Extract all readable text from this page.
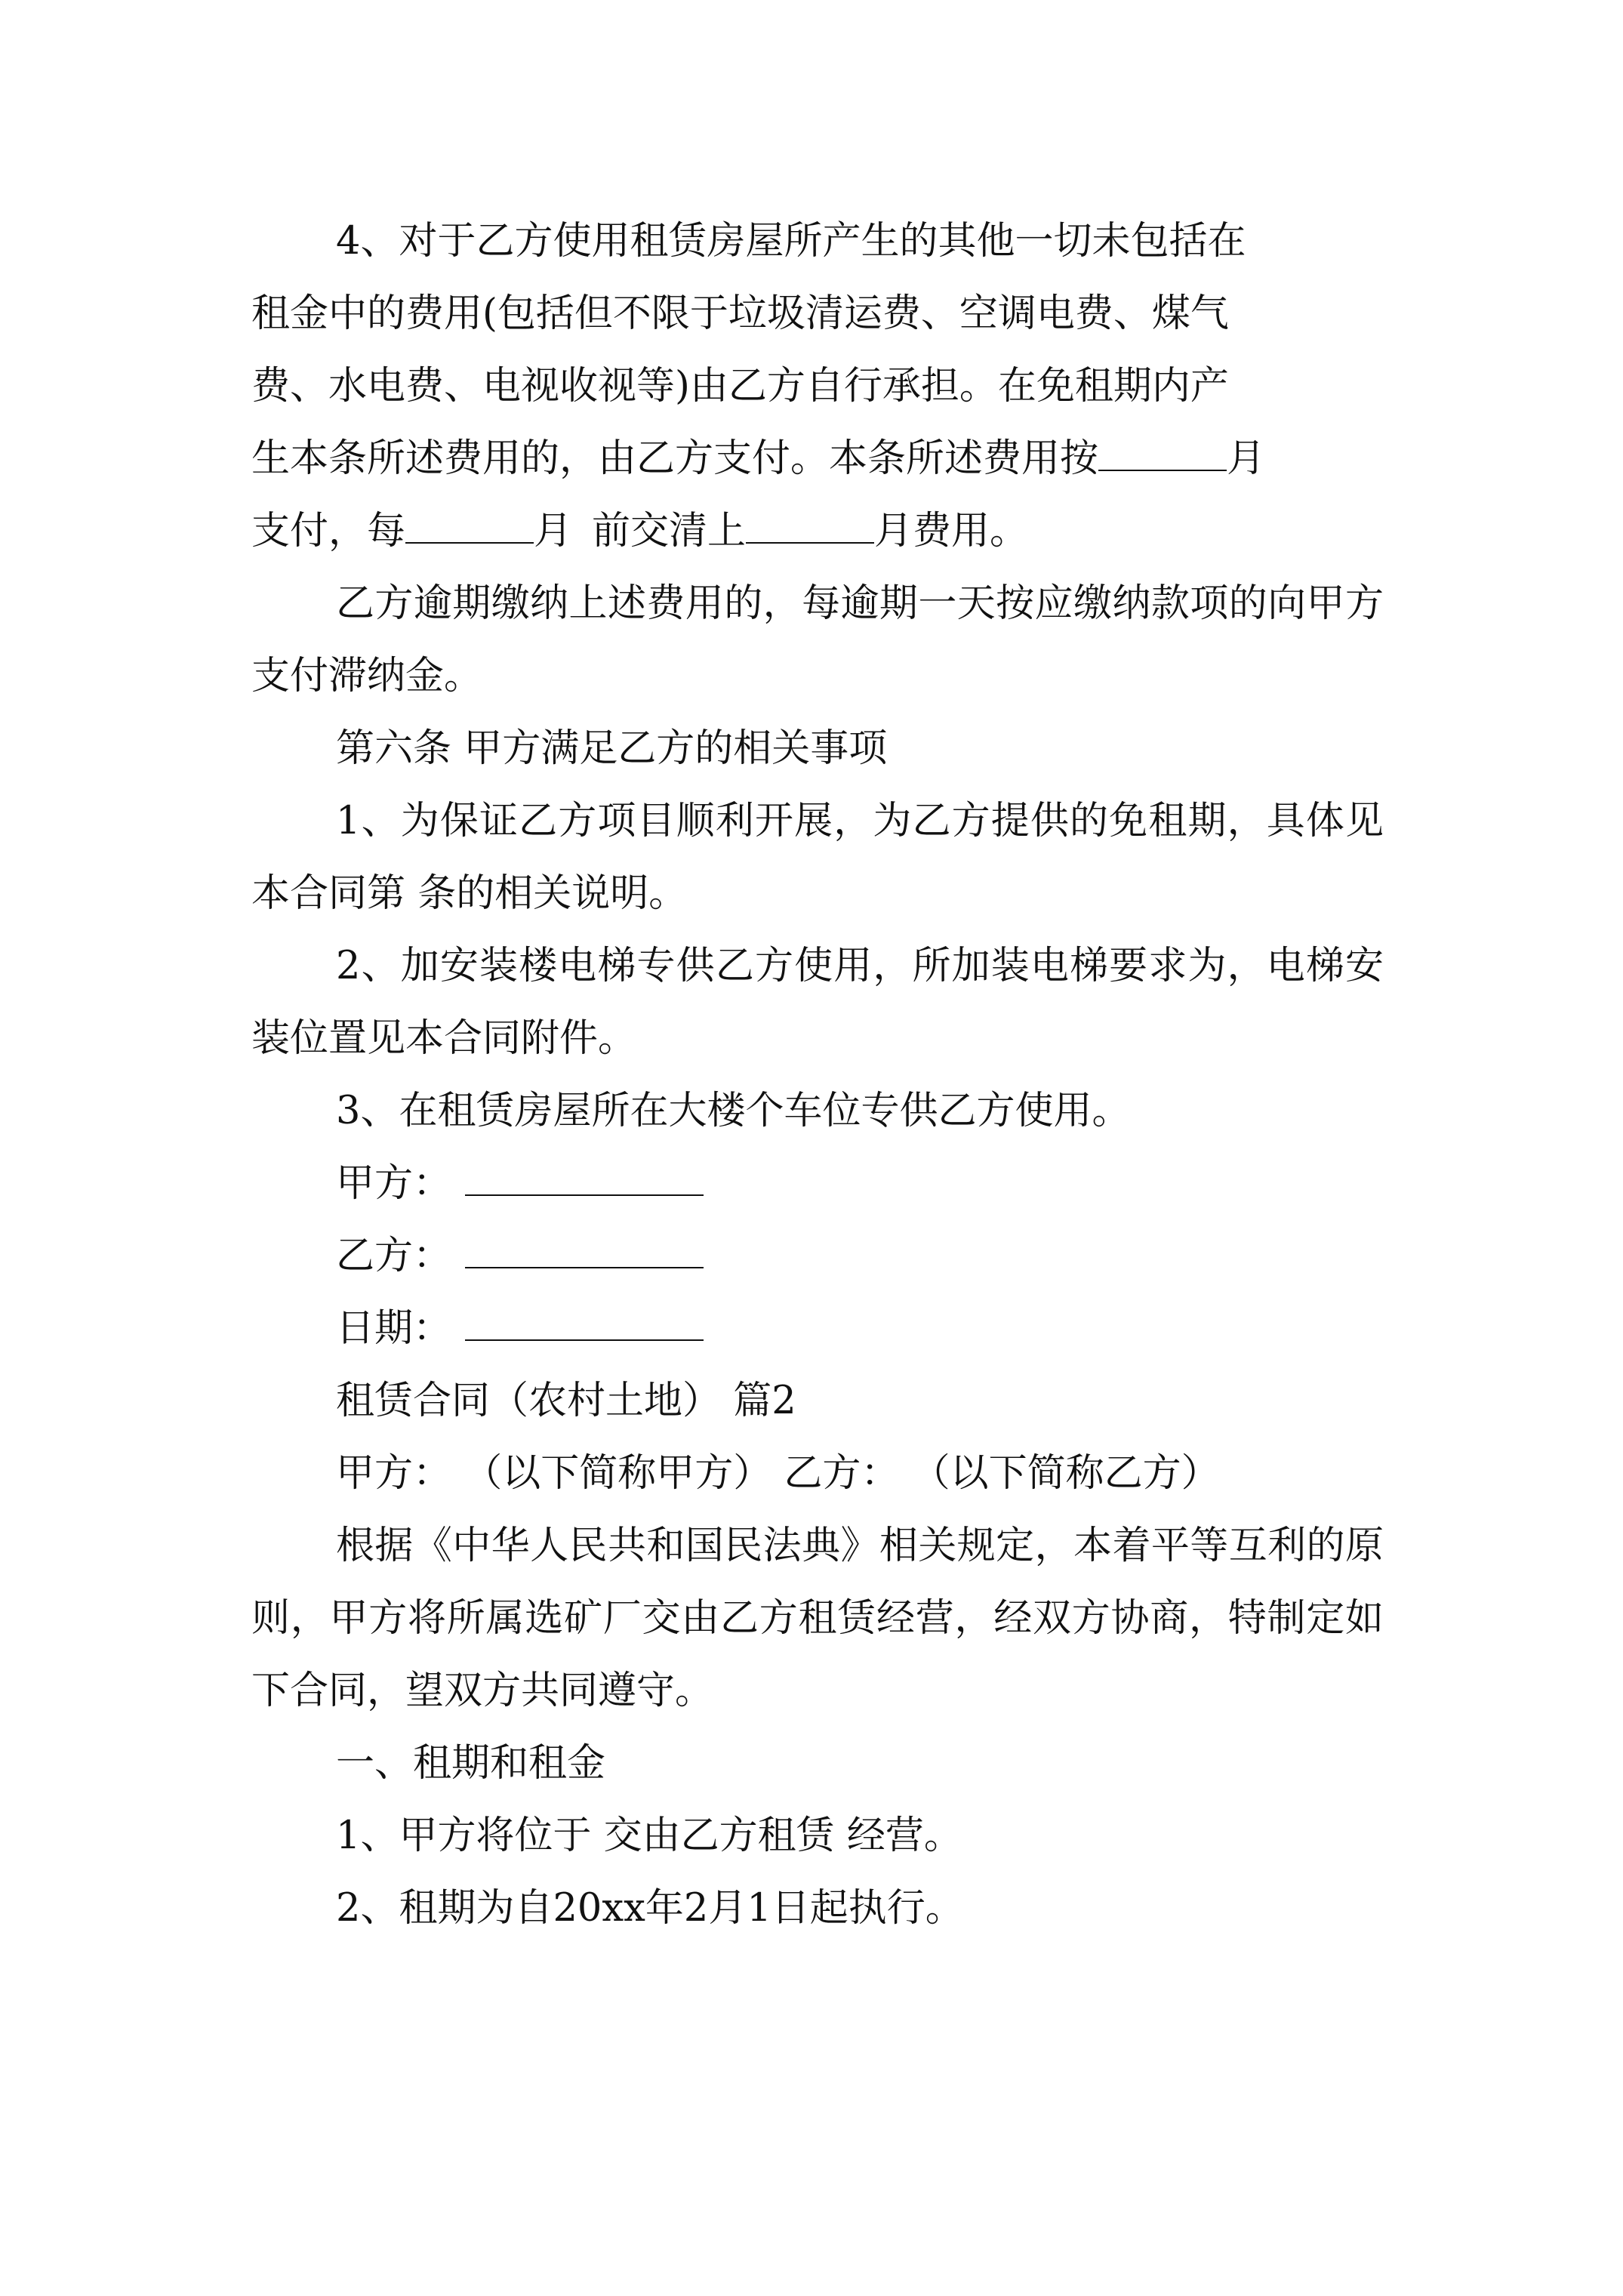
4、对于乙方使用租赁房屋所产生的其他一切未包括在
租金中的费用(包括但不限于垃圾清运费、空调电费、煤气
费、水电费、电视收视等)由乙方自行承担。在免租期内产
生本条所述费用的，由乙方支付。本条所述费用按	月
支付，每	月 前交清上	月费用。

乙方逾期缴纳上述费用的，每逾期一天按应缴纳款项的向甲方支付滞纳金。

第六条 甲方满足乙方的相关事项

1、为保证乙方项目顺利开展，为乙方提供的免租期，具体见本合同第 条的相关说明。

2、加安装楼电梯专供乙方使用，所加装电梯要求为，电梯安装位置见本合同附件。

3、在租赁房屋所在大楼个车位专供乙方使用。

甲方：
乙方：
日期：

租赁合同（农村土地） 篇2

甲方： （以下简称甲方） 乙方： （以下简称乙方）

根据《中华人民共和国民法典》相关规定，本着平等互利的原则，甲方将所属选矿厂交由乙方租赁经营，经双方协商，特制定如下合同，望双方共同遵守。

一、租期和租金

1、甲方将位于 交由乙方租赁 经营。

2、租期为自20xx年2月1日起执行。
